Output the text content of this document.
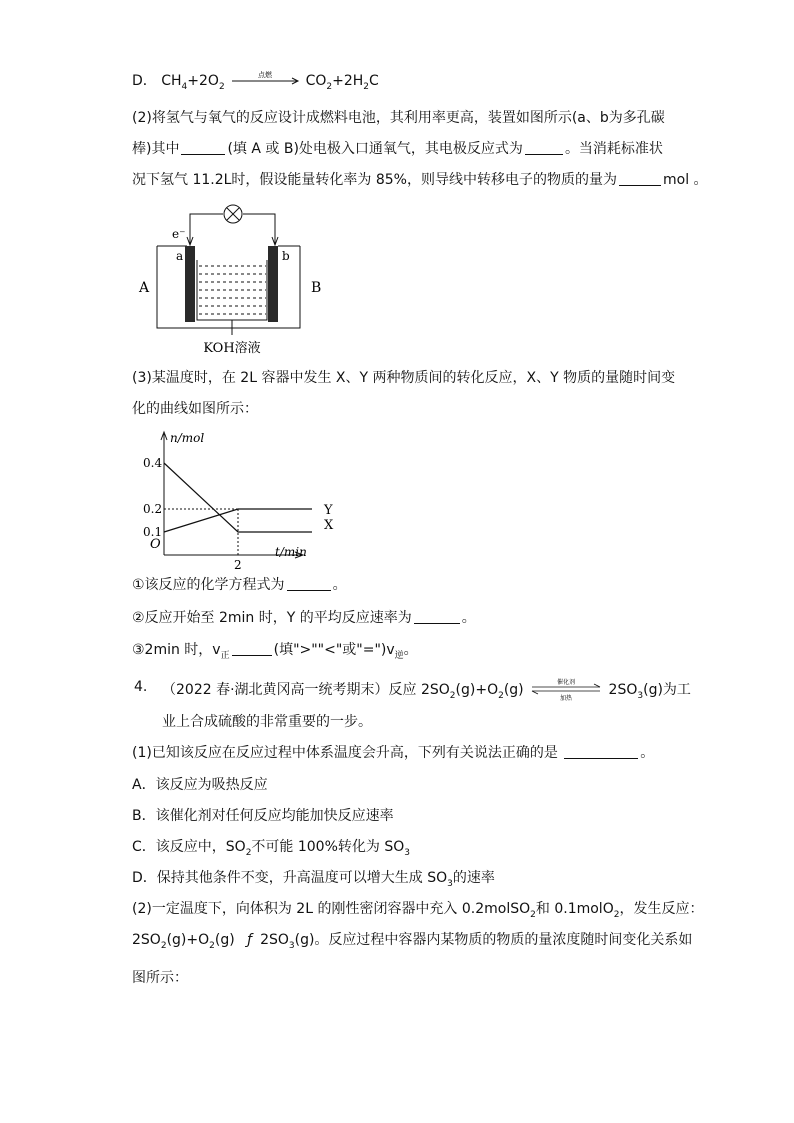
D． $CH_4+2O_2$
点燃 $CO_2+2H_2C$
(2)将氢气与氧气的反应设计成燃料电池，其利用率更高，装置如图所示(a、b为多孔碳
棒)其中	(填 A 或 B)处电极入口通氧气，其电极反应式为	。当消耗标准状
况下氢气 11.2L时，假设能量转化率为 85%，则导线中转移电子的物质的量为	mol 。
e⁻
a	b
A	B
KOH溶液
(3)某温度时，在 2L 容器中发生 X、Y 两种物质间的转化反应，X、Y 物质的量随时间变
化的曲线如图所示：
n/mol
t/min
O
0.4
0.2
0.1
2
X
Y
①该反应的化学方程式为	。
②反应开始至 2min 时，Y 的平均反应速率为	。
③2min 时，$v_正$	(填">""<"或"$=")v_逆$。
4. （2022 春·湖北黄冈高一统考期末）反应 $2SO_2(g)+O_2(g)$	催化剂
加热
$2SO_3(g)$为工
业上合成硫酸的非常重要的一步。
(1)已知该反应在反应过程中体系温度会升高，下列有关说法正确的是	。
A．该反应为吸热反应
B．该催化剂对任何反应均能加快反应速率
C．该反应中，$SO_2$不可能 100%转化为 $SO_3$
D．保持其他条件不变，升高温度可以增大生成 $SO_3$的速率
(2)一定温度下，向体积为 2L 的刚性密闭容器中充入 0.2molSO$_2$和 0.1molO$_2$，发生反应：
$2SO_2(g)+O_2(g)$ ƒ $2SO_3(g)$。反应过程中容器内某物质的物质的量浓度随时间变化关系如
图所示：
